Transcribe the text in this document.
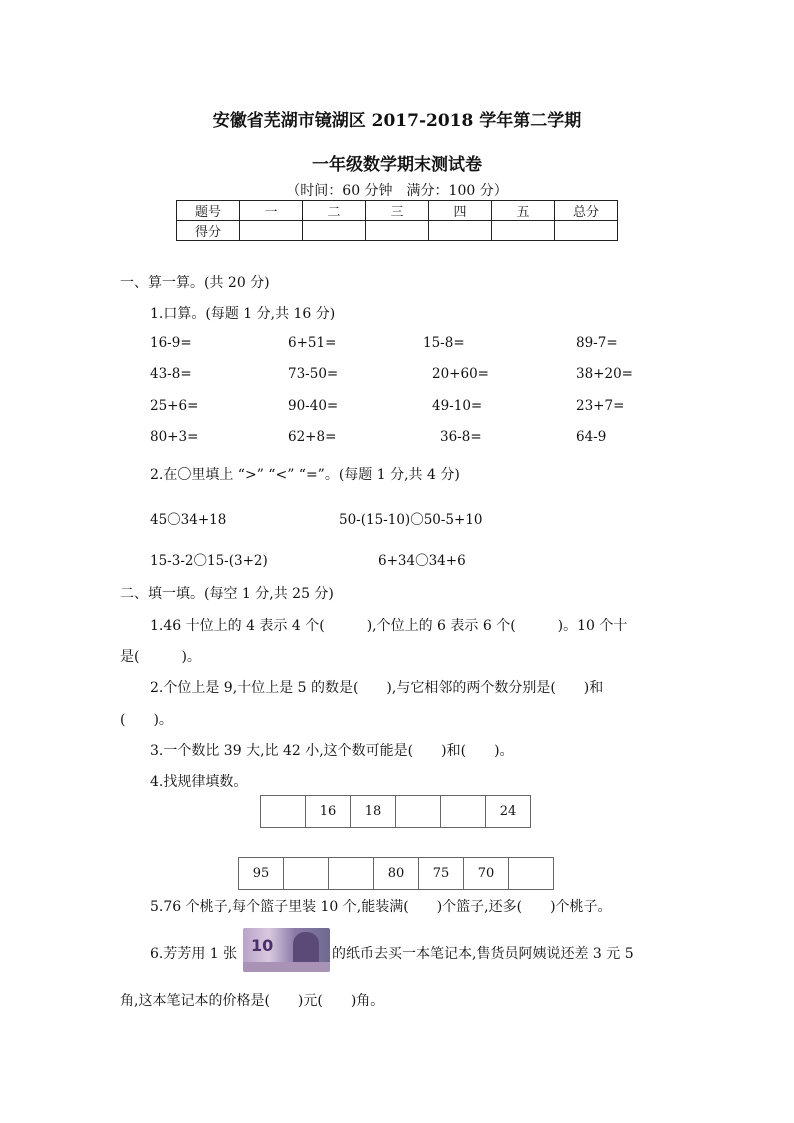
安徽省芜湖市镜湖区 2017-2018 学年第二学期
一年级数学期末测试卷
（时间：60 分钟　满分：100 分）
题号	一	二	三	四	五	总分
得分						
一、算一算。(共 20 分)
1.口算。(每题 1 分,共 16 分)
16-9=	6+51=	15-8=	89-7=
43-8=	73-50=	20+60=	38+20=
25+6=	90-40=	49-10=	23+7=
80+3=	62+8=	36-8=	64-9
2.在〇里填上 “>” “<” “=”。(每题 1 分,共 4 分)
45〇34+18	50-(15-10)〇50-5+10
15-3-2〇15-(3+2)	6+34〇34+6
二、填一填。(每空 1 分,共 25 分)
1.46 十位上的 4 表示 4 个(　　　),个位上的 6 表示 6 个(　　　)。10 个十
是(　　　)。
2.个位上是 9,十位上是 5 的数是(　　),与它相邻的两个数分别是(　　)和
(　　)。
3.一个数比 39 大,比 42 小,这个数可能是(　　)和(　　)。
4.找规律填数。
	16	18			24
95			80	75	70	
5.76 个桃子,每个篮子里装 10 个,能装满(　　)个篮子,还多(　　)个桃子。
6.芳芳用 1 张 10	的纸币去买一本笔记本,售货员阿姨说还差 3 元 5
角,这本笔记本的价格是(　　)元(　　)角。
